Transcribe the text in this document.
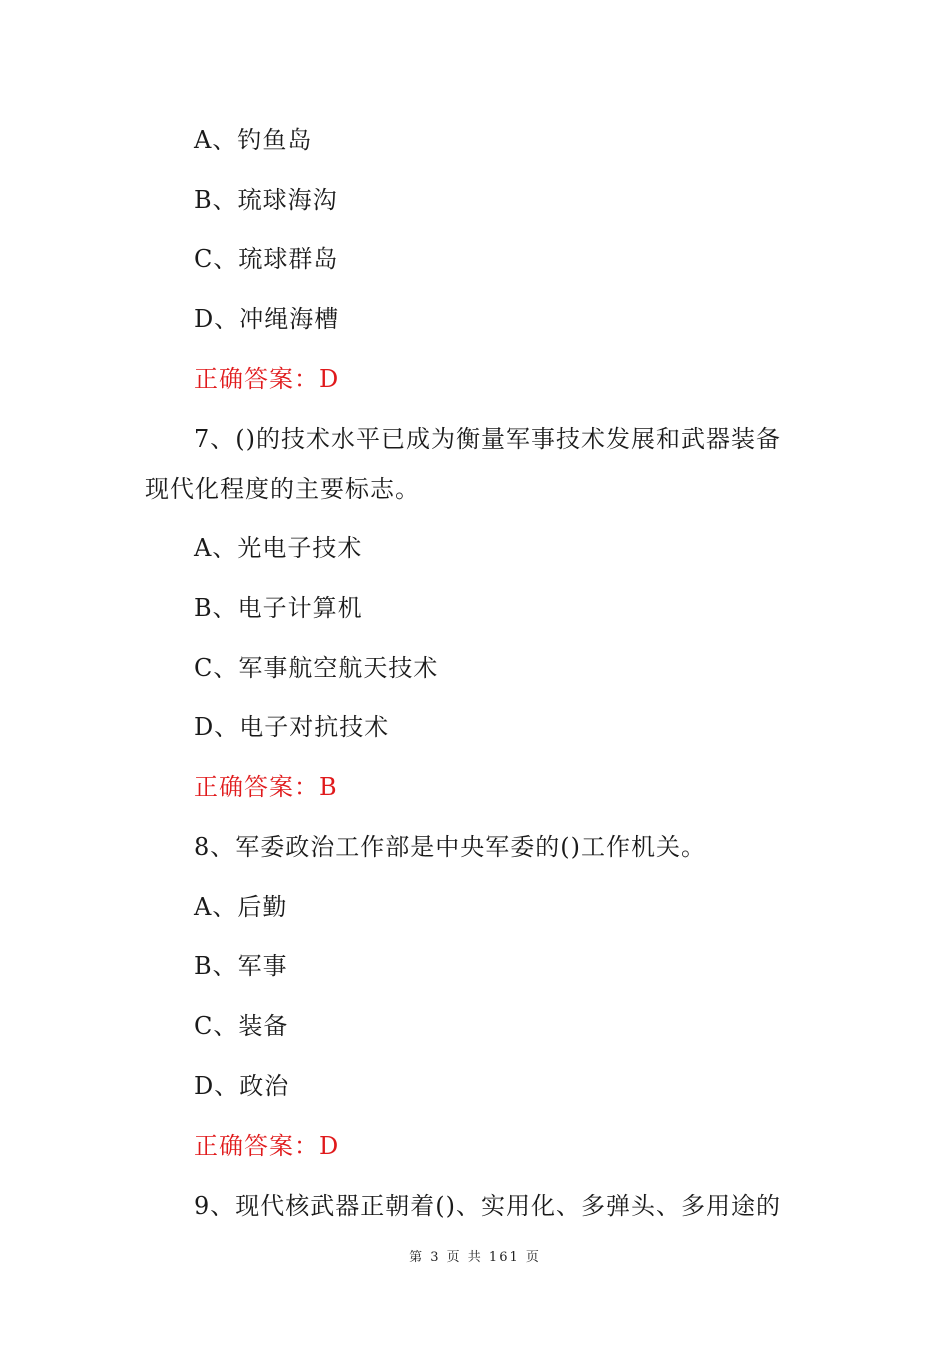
A、钓鱼岛
B、琉球海沟
C、琉球群岛
D、冲绳海槽
正确答案：D
7、()的技术水平已成为衡量军事技术发展和武器装备
现代化程度的主要标志。
A、光电子技术
B、电子计算机
C、军事航空航天技术
D、电子对抗技术
正确答案：B
8、军委政治工作部是中央军委的()工作机关。
A、后勤
B、军事
C、装备
D、政治
正确答案：D
9、现代核武器正朝着()、实用化、多弹头、多用途的
第 3 页 共 161 页
